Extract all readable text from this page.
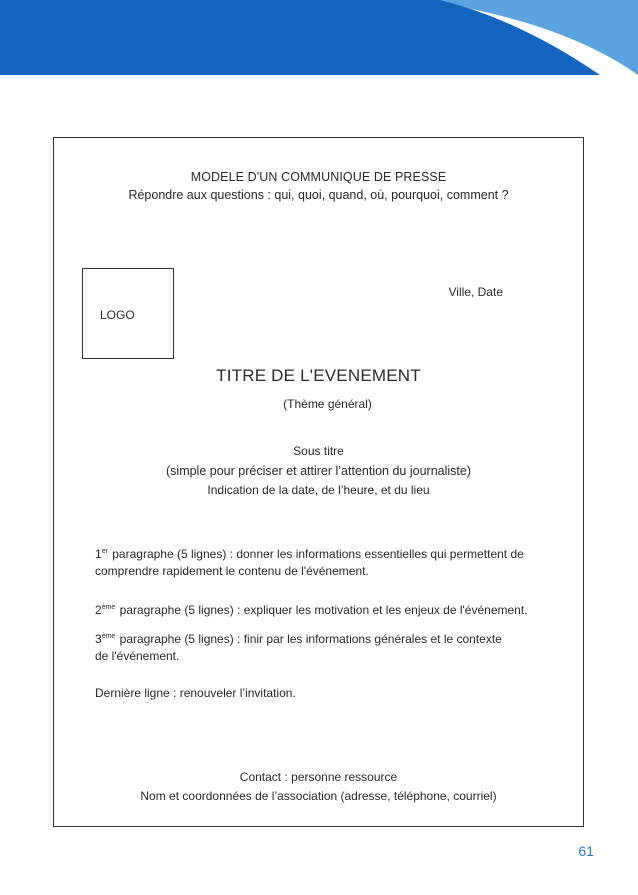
MODELE D'UN COMMUNIQUE DE PRESSE
Répondre aux questions : qui, quoi, quand, où, pourquoi, comment ?
LOGO
Ville, Date
TITRE DE L'EVENEMENT
(Thème général)
Sous titre
(simple pour préciser et attirer l’attention du journaliste)
Indication de la date, de l’heure, et du lieu
1er paragraphe (5 lignes) : donner les informations essentielles qui permettent de
comprendre rapidement le contenu de l'événement.
2ème paragraphe (5 lignes) : expliquer les motivation et les enjeux de l'événement.
3ème paragraphe (5 lignes) : finir par les informations générales et le contexte
de l'événement.
Dernière ligne : renouveler l’invitation.
Contact : personne ressource
Nom et coordonnées de l’association (adresse, téléphone, courriel)
61
